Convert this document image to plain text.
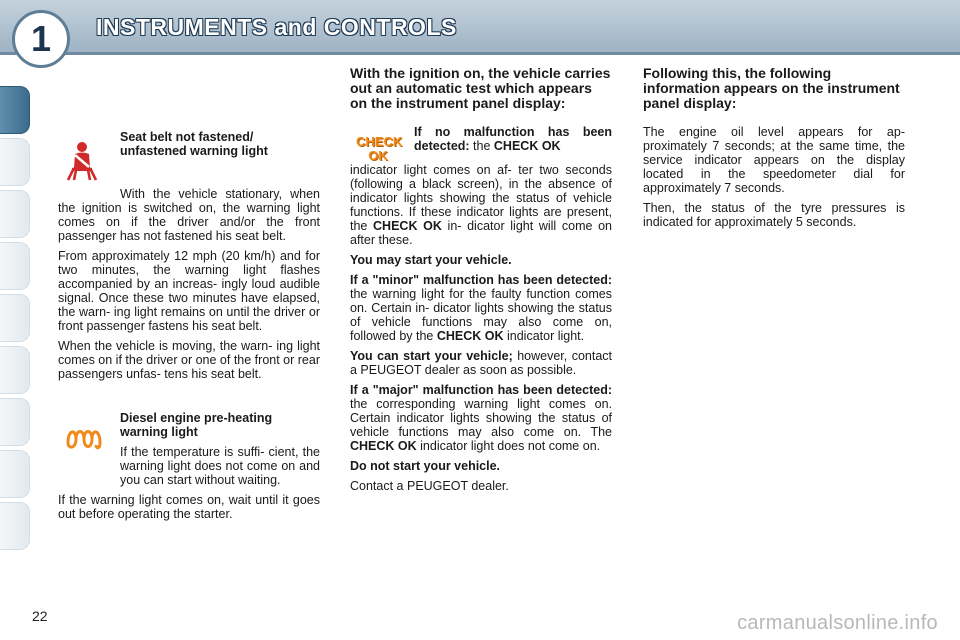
1	INSTRUMENTS and CONTROLS
Seat belt not fastened/ unfastened warning light

With the vehicle stationary, when the ignition is switched on, the warning light comes on if the driver and/or the front passenger has not fastened his seat belt.

From approximately 12 mph (20 km/h) and for two minutes, the warning light flashes accompanied by an increas- ingly loud audible signal. Once these two minutes have elapsed, the warn- ing light remains on until the driver or front passenger fastens his seat belt.

When the vehicle is moving, the warn- ing light comes on if the driver or one of the front or rear passengers unfas- tens his seat belt.

Diesel engine pre-heating warning light

If the temperature is suffi- cient, the warning light does not come on and you can start without waiting.

If the warning light comes on, wait until it goes out before operating the starter.

With the ignition on, the vehicle carries out an automatic test which appears on the instrument panel display:
CHECK
OK

If no malfunction has been detected: the CHECK OK

indicator light comes on af- ter two seconds (following a black screen), in the absence of indicator lights showing the status of vehicle functions. If these indicator lights are present, the CHECK OK in- dicator light will come on after these.

You may start your vehicle.

If a "minor" malfunction has been detected: the warning light for the faulty function comes on. Certain in- dicator lights showing the status of vehicle functions may also come on, followed by the CHECK OK indicator light.

You can start your vehicle; however, contact a PEUGEOT dealer as soon as possible.

If a "major" malfunction has been detected: the corresponding warning light comes on. Certain indicator lights showing the status of vehicle functions may also come on. The CHECK OK indicator light does not come on.

Do not start your vehicle.

Contact a PEUGEOT dealer.

Following this, the following information appears on the instrument panel display:

The engine oil level appears for ap- proximately 7 seconds; at the same time, the service indicator appears on the display located in the speedometer dial for approximately 7 seconds.

Then, the status of the tyre pressures is indicated for approximately 5 seconds.

22	carmanualsonline.info
